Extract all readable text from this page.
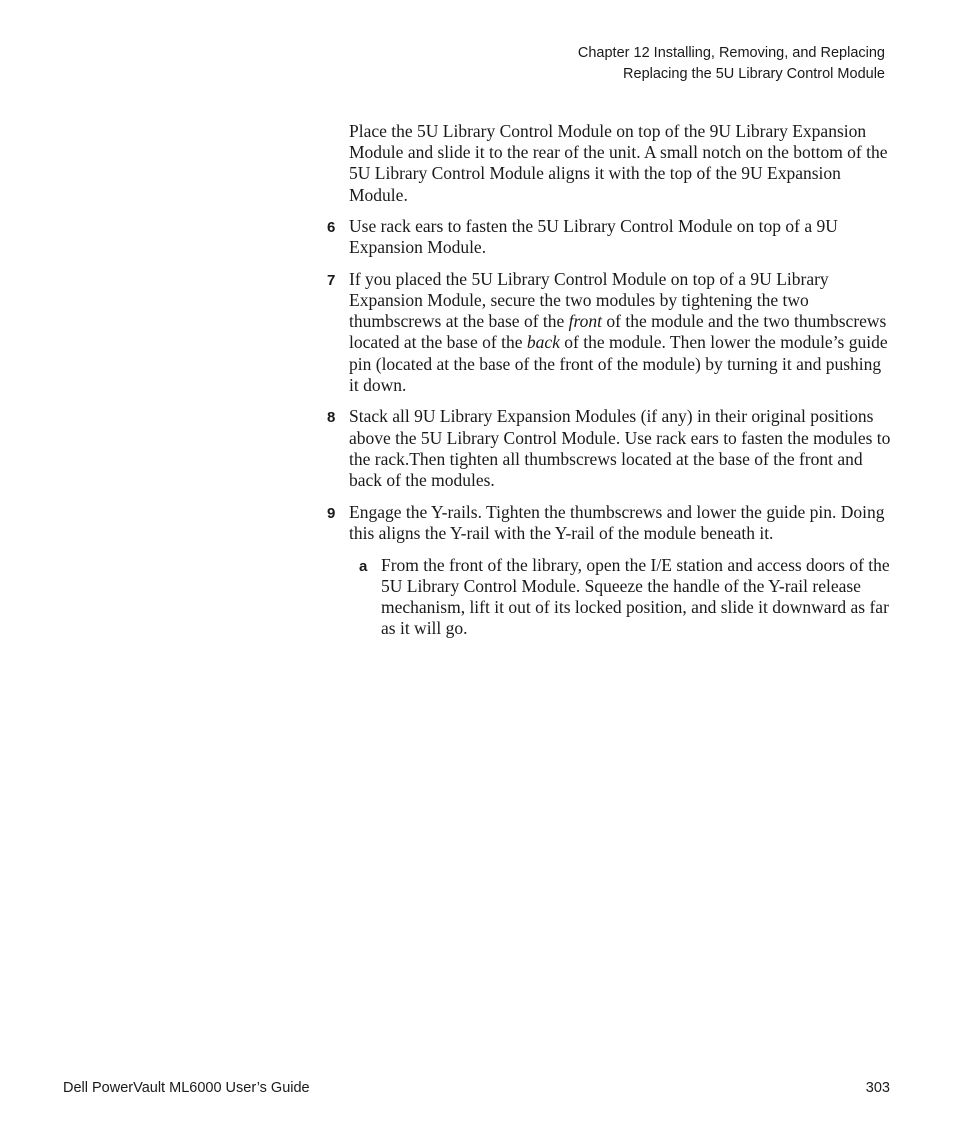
Chapter 12 Installing, Removing, and Replacing
Replacing the 5U Library Control Module

Place the 5U Library Control Module on top of the 9U Library Expansion Module and slide it to the rear of the unit. A small notch on the bottom of the 5U Library Control Module aligns it with the top of the 9U Expansion Module.

6 Use rack ears to fasten the 5U Library Control Module on top of a 9U Expansion Module.
7 If you placed the 5U Library Control Module on top of a 9U Library Expansion Module, secure the two modules by tightening the two thumbscrews at the base of the front of the module and the two thumbscrews located at the base of the back of the module. Then lower the module’s guide pin (located at the base of the front of the module) by turning it and pushing it down.
8 Stack all 9U Library Expansion Modules (if any) in their original positions above the 5U Library Control Module. Use rack ears to fasten the modules to the rack.Then tighten all thumbscrews located at the base of the front and back of the modules.
9 Engage the Y-rails. Tighten the thumbscrews and lower the guide pin. Doing this aligns the Y-rail with the Y-rail of the module beneath it.
a From the front of the library, open the I/E station and access doors of the 5U Library Control Module. Squeeze the handle of the Y-rail release mechanism, lift it out of its locked position, and slide it downward as far as it will go.
Dell PowerVault ML6000 User’s Guide	303
